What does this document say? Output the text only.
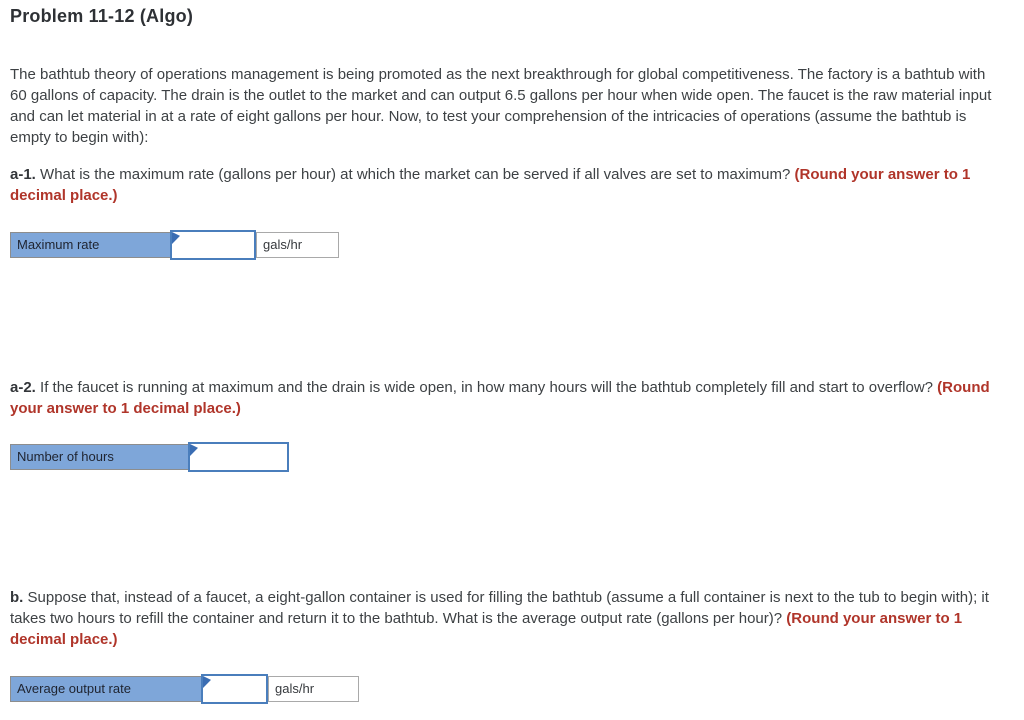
Problem 11-12 (Algo)

The bathtub theory of operations management is being promoted as the next breakthrough for global competitiveness. The factory is a bathtub with 60 gallons of capacity. The drain is the outlet to the market and can output 6.5 gallons per hour when wide open. The faucet is the raw material input and can let material in at a rate of eight gallons per hour. Now, to test your comprehension of the intricacies of operations (assume the bathtub is empty to begin with):

a-1. What is the maximum rate (gallons per hour) at which the market can be served if all valves are set to maximum? (Round your answer to 1 decimal place.)

Maximum rate	gals/hr

a-2. If the faucet is running at maximum and the drain is wide open, in how many hours will the bathtub completely fill and start to overflow? (Round your answer to 1 decimal place.)

Number of hours

b. Suppose that, instead of a faucet, a eight-gallon container is used for filling the bathtub (assume a full container is next to the tub to begin with); it takes two hours to refill the container and return it to the bathtub. What is the average output rate (gallons per hour)? (Round your answer to 1 decimal place.)

Average output rate	gals/hr
